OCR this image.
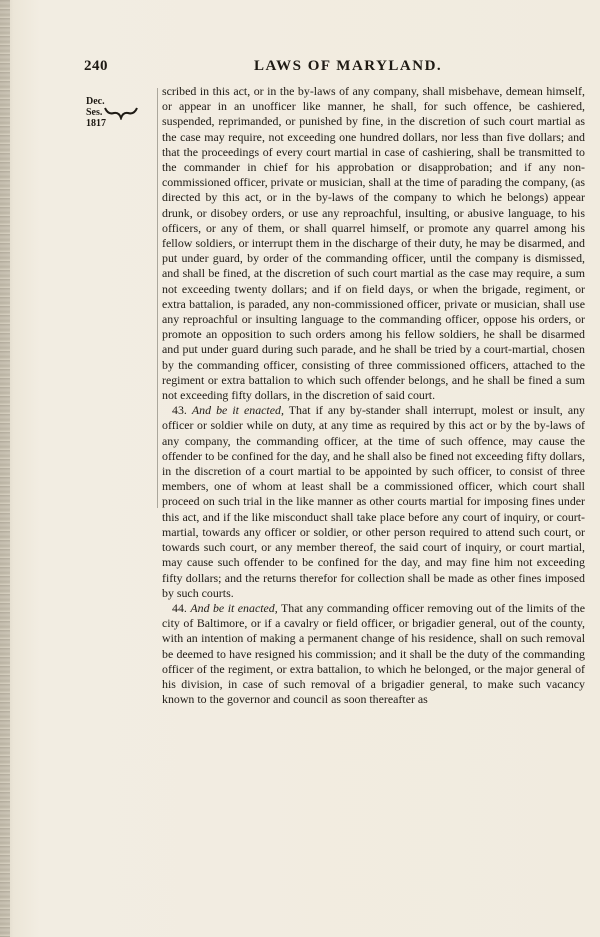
240	LAWS OF MARYLAND.
Dec. Ses. 1817

scribed in this act, or in the by-laws of any company, shall misbehave, demean himself, or appear in an unofficer like manner, he shall, for such offence, be cashiered, suspended, reprimanded, or punished by fine, in the discretion of such court martial as the case may require, not exceeding one hundred dollars, nor less than five dollars; and that the proceedings of every court martial in case of cashiering, shall be transmitted to the commander in chief for his approbation or disapprobation; and if any non-commissioned officer, private or musician, shall at the time of parading the company, (as directed by this act, or in the by-laws of the company to which he belongs) appear drunk, or disobey orders, or use any reproachful, insulting, or abusive language, to his officers, or any of them, or shall quarrel himself, or promote any quarrel among his fellow soldiers, or interrupt them in the discharge of their duty, he may be disarmed, and put under guard, by order of the commanding officer, until the company is dismissed, and shall be fined, at the discretion of such court martial as the case may require, a sum not exceeding twenty dollars; and if on field days, or when the brigade, regiment, or extra battalion, is paraded, any non-commissioned officer, private or musician, shall use any reproachful or insulting language to the commanding officer, oppose his orders, or promote an opposition to such orders among his fellow soldiers, he shall be disarmed and put under guard during such parade, and he shall be tried by a court-martial, chosen by the commanding officer, consisting of three commissioned officers, attached to the regiment or extra battalion to which such offender belongs, and he shall be fined a sum not exceeding fifty dollars, in the discretion of said court.

43. And be it enacted, That if any by-stander shall interrupt, molest or insult, any officer or soldier while on duty, at any time as required by this act or by the by-laws of any company, the commanding officer, at the time of such offence, may cause the offender to be confined for the day, and he shall also be fined not exceeding fifty dollars, in the discretion of a court martial to be appointed by such officer, to consist of three members, one of whom at least shall be a commissioned officer, which court shall proceed on such trial in the like manner as other courts martial for imposing fines under this act, and if the like misconduct shall take place before any court of inquiry, or court-martial, towards any officer or soldier, or other person required to attend such court, or towards such court, or any member thereof, the said court of inquiry, or court martial, may cause such offender to be confined for the day, and may fine him not exceeding fifty dollars; and the returns therefor for collection shall be made as other fines imposed by such courts.

44. And be it enacted, That any commanding officer removing out of the limits of the city of Baltimore, or if a cavalry or field officer, or brigadier general, out of the county, with an intention of making a permanent change of his residence, shall on such removal be deemed to have resigned his commission; and it shall be the duty of the commanding officer of the regiment, or extra battalion, to which he belonged, or the major general of his division, in case of such removal of a brigadier general, to make such vacancy known to the governor and council as soon thereafter as
